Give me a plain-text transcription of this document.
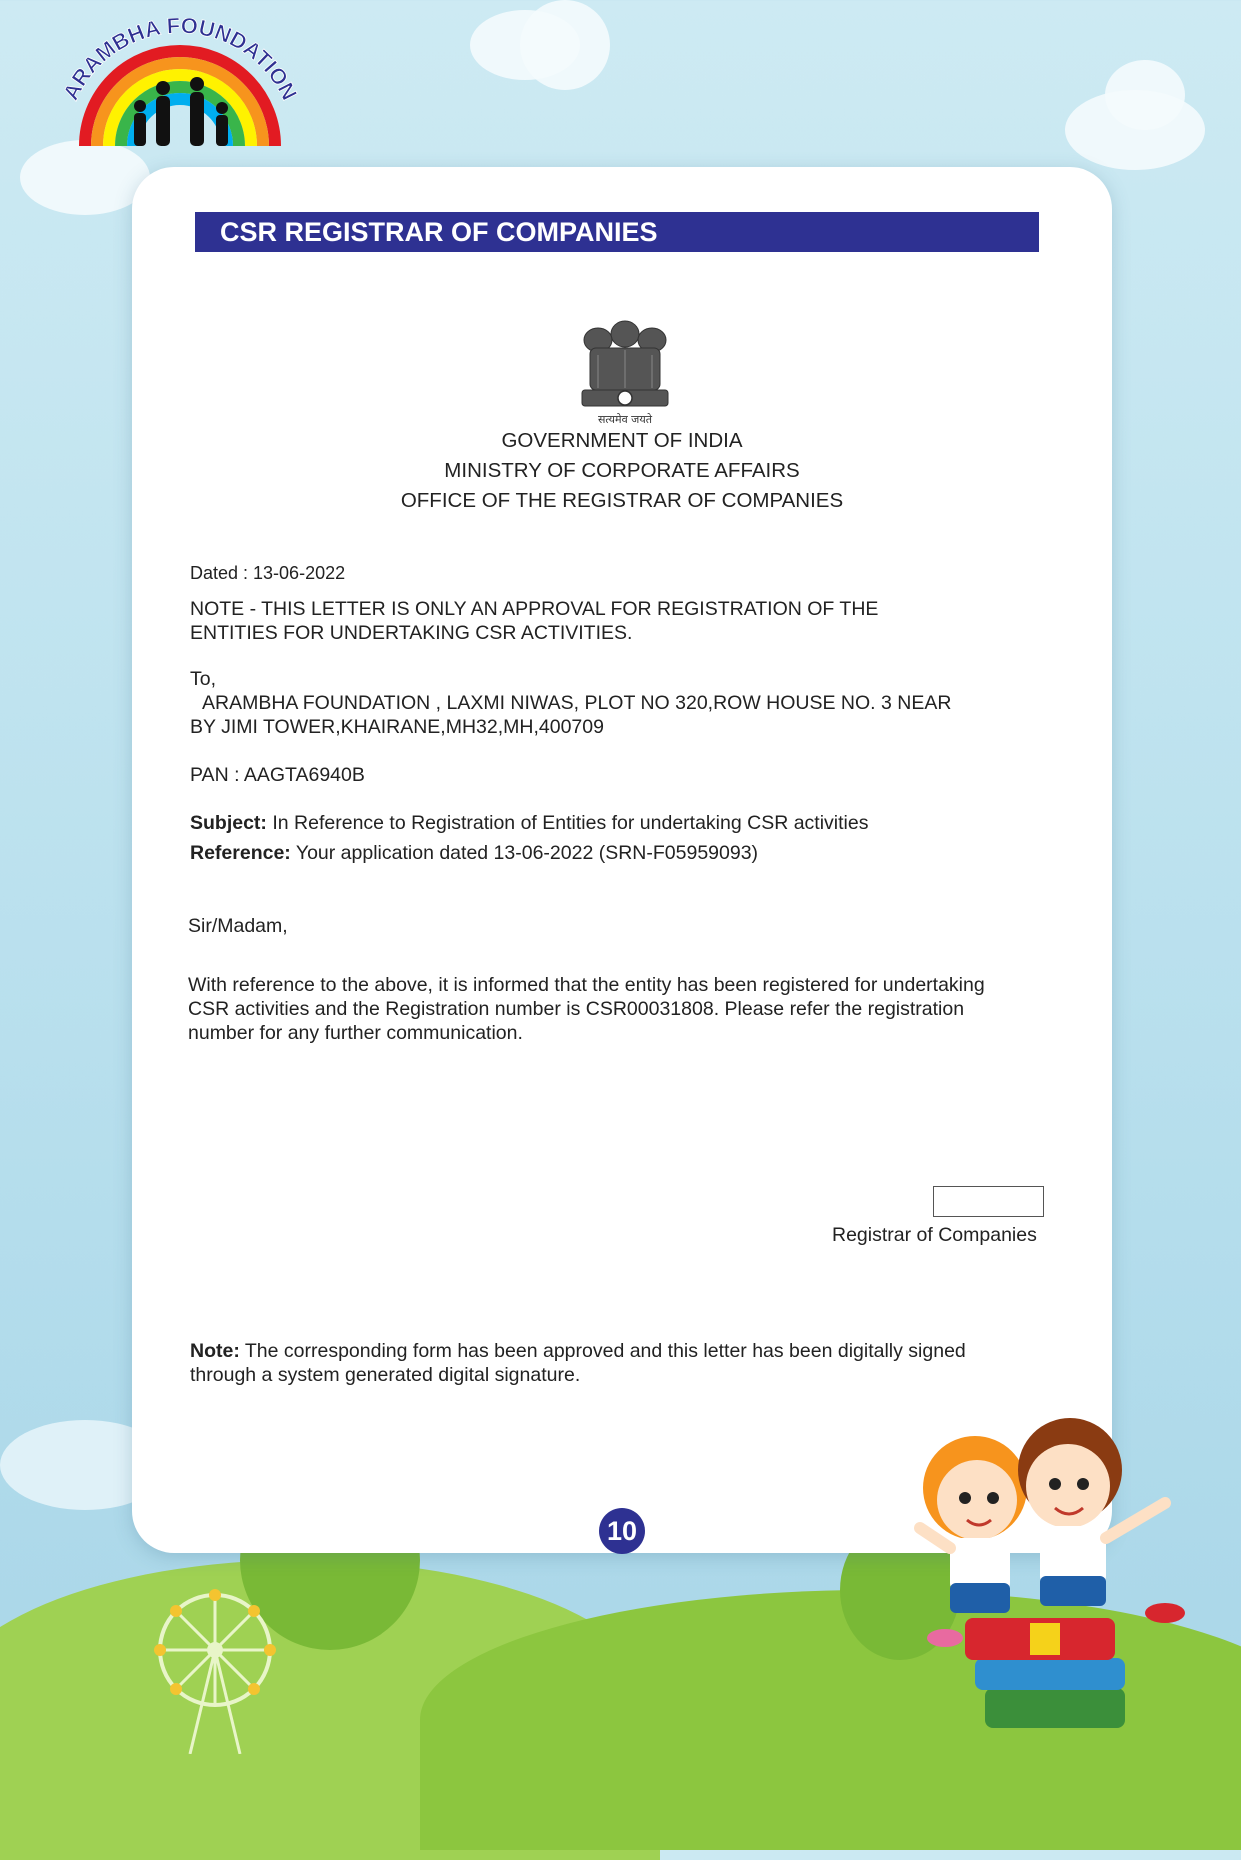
ARAMBHA FOUNDATION
CSR REGISTRAR OF COMPANIES
सत्यमेव जयते
GOVERNMENT OF INDIA
MINISTRY OF CORPORATE AFFAIRS
OFFICE OF THE REGISTRAR OF COMPANIES
Dated : 13-06-2022
NOTE - THIS LETTER IS ONLY AN APPROVAL FOR REGISTRATION OF THE
ENTITIES FOR UNDERTAKING CSR ACTIVITIES.
To,
ARAMBHA FOUNDATION , LAXMI NIWAS, PLOT NO 320,ROW HOUSE NO. 3 NEAR
BY JIMI TOWER,KHAIRANE,MH32,MH,400709
PAN : AAGTA6940B
Subject: In Reference to Registration of Entities for undertaking CSR activities
Reference: Your application dated 13-06-2022 (SRN-F05959093)
Sir/Madam,
With reference to the above, it is informed that the entity has been registered for undertaking
CSR activities and the Registration number is CSR00031808. Please refer the registration
number for any further communication.
Registrar of Companies
Note: The corresponding form has been approved and this letter has been digitally signed
through a system generated digital signature.
10
